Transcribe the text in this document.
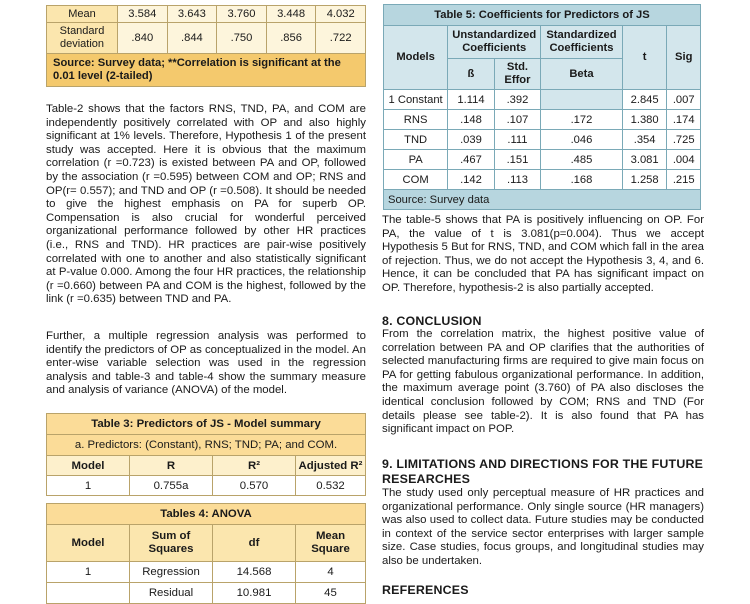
Mean	3.584	3.643	3.760	3.448	4.032
Standard deviation	.840	.844	.750	.856	.722
Source: Survey data; **Correlation is significant at the 0.01 level (2-tailed)					

Table-2 shows that the factors RNS, TND, PA, and COM are independently positively correlated with OP and also highly significant at 1% levels. Therefore, Hypothesis 1 of the present study was accepted. Here it is obvious that the maximum correlation (r =0.723) is existed between PA and OP, followed by the association (r =0.595) between COM and OP; RNS and OP(r= 0.557); and TND and OP (r =0.508). It should be needed to give the highest emphasis on PA for superb OP. Compensation is also crucial for wonderful perceived organizational performance followed by other HR practices (i.e., RNS and TND). HR practices are pair-wise positively correlated with one to another and also statistically significant at P-value 0.000. Among the four HR practices, the relationship (r =0.660) between PA and COM is the highest, followed by the link (r =0.635) between TND and PA.

Further, a multiple regression analysis was performed to identify the predictors of OP as conceptualized in the model. An enter-wise variable selection was used in the regression analysis and table-3 and table-4 show the summary measure and analysis of variance (ANOVA) of the model.

Table 3: Predictors of JS - Model summary			
a. Predictors: (Constant), RNS; TND; PA; and COM.			
Model	R	R²	Adjusted R²
1	0.755a	0.570	0.532
Tables 4: ANOVA			
Model	Sum of Squares	df	Mean Square
1	Regression	14.568	4
	Residual	10.981	45
Table 5: Coefficients for Predictors of JS					
Models	Unstandardized Coefficients		Standardized Coefficients	t	Sig
	ß	Std. Effor	Beta		
1 Constant	1.114	.392		2.845	.007
RNS	.148	.107	.172	1.380	.174
TND	.039	.111	.046	.354	.725
PA	.467	.151	.485	3.081	.004
COM	.142	.113	.168	1.258	.215
Source: Survey data					

The table-5 shows that PA is positively influencing on OP. For PA, the value of t is 3.081(p=0.004). Thus we accept Hypothesis 5 But for RNS, TND, and COM which fall in the area of rejection. Thus, we do not accept the Hypothesis 3, 4, and 6. Hence, it can be concluded that PA has significant impact on OP. Therefore, hypothesis-2 is also partially accepted.

8. CONCLUSION

From the correlation matrix, the highest positive value of correlation between PA and OP clarifies that the authorities of selected manufacturing firms are required to give main focus on PA for getting fabulous organizational performance. In addition, the maximum average point (3.760) of PA also discloses the identical conclusion followed by COM; RNS and TND (For details please see table-2). It is also found that PA has significant impact on POP.

9. LIMITATIONS AND DIRECTIONS FOR THE FUTURE RESEARCHES

The study used only perceptual measure of HR practices and organizational performance. Only single source (HR managers) was also used to collect data. Future studies may be conducted in context of the service sector enterprises with larger sample size. Case studies, focus groups, and longitudinal studies may also be undertaken.

REFERENCES
